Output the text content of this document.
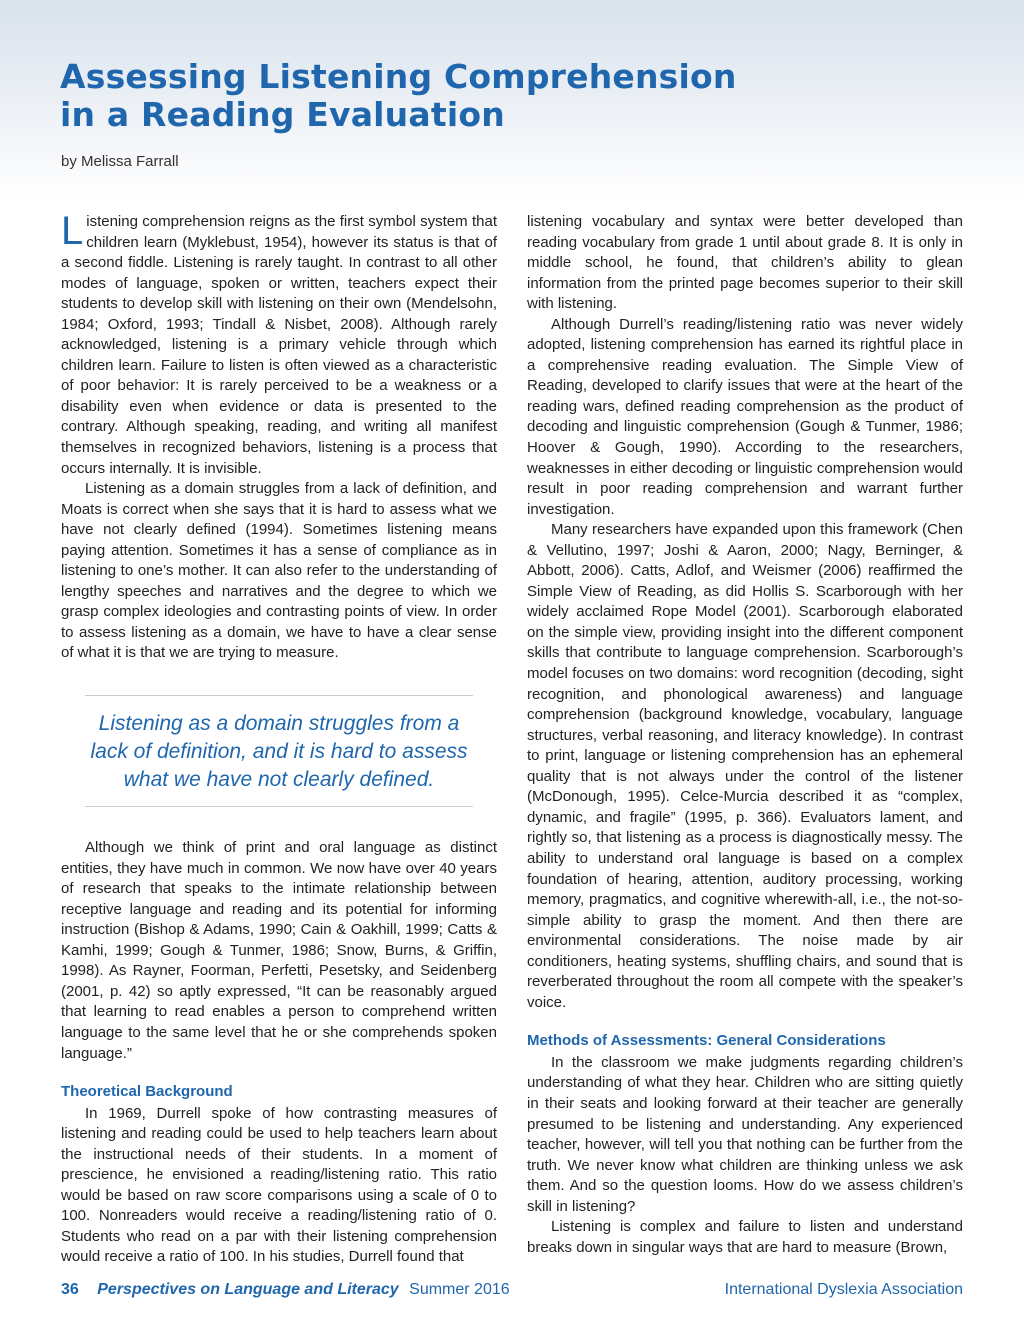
Assessing Listening Comprehension
in a Reading Evaluation
by Melissa Farrall

Listening comprehension reigns as the first symbol system that children learn (Myklebust, 1954), however its status is that of a second fiddle. Listening is rarely taught. In contrast to all other modes of language, spoken or written, teachers expect their students to develop skill with listening on their own (Mendelsohn, 1984; Oxford, 1993; Tindall & Nisbet, 2008). Although rarely acknowledged, listening is a primary vehicle through which children learn. Failure to listen is often viewed as a characteristic of poor behavior: It is rarely perceived to be a weakness or a disability even when evidence or data is presented to the contrary. Although speaking, reading, and writing all manifest themselves in recognized behaviors, listening is a process that occurs internally. It is invisible.

Listening as a domain struggles from a lack of definition, and Moats is correct when she says that it is hard to assess what we have not clearly defined (1994). Sometimes listening means paying attention. Sometimes it has a sense of compliance as in listening to one’s mother. It can also refer to the understanding of lengthy speeches and narratives and the degree to which we grasp complex ideologies and contrasting points of view. In order to assess listening as a domain, we have to have a clear sense of what it is that we are trying to measure.

Listening as a domain struggles from a lack of definition, and it is hard to assess what we have not clearly defined.

Although we think of print and oral language as distinct entities, they have much in common. We now have over 40 years of research that speaks to the intimate relationship between receptive language and reading and its potential for informing instruction (Bishop & Adams, 1990; Cain & Oakhill, 1999; Catts & Kamhi, 1999; Gough & Tunmer, 1986; Snow, Burns, & Griffin, 1998). As Rayner, Foorman, Perfetti, Pesetsky, and Seidenberg (2001, p. 42) so aptly expressed, “It can be reasonably argued that learning to read enables a person to comprehend written language to the same level that he or she comprehends spoken language.”

Theoretical Background

In 1969, Durrell spoke of how contrasting measures of listening and reading could be used to help teachers learn about the instructional needs of their students. In a moment of prescience, he envisioned a reading/listening ratio. This ratio would be based on raw score comparisons using a scale of 0 to 100. Nonreaders would receive a reading/listening ratio of 0. Students who read on a par with their listening comprehension would receive a ratio of 100. In his studies, Durrell found that

listening vocabulary and syntax were better developed than reading vocabulary from grade 1 until about grade 8. It is only in middle school, he found, that children’s ability to glean information from the printed page becomes superior to their skill with listening.

Although Durrell’s reading/listening ratio was never widely adopted, listening comprehension has earned its rightful place in a comprehensive reading evaluation. The Simple View of Reading, developed to clarify issues that were at the heart of the reading wars, defined reading comprehension as the product of decoding and linguistic comprehension (Gough & Tunmer, 1986; Hoover & Gough, 1990). According to the researchers, weaknesses in either decoding or linguistic comprehension would result in poor reading comprehension and warrant further investigation.

Many researchers have expanded upon this framework (Chen & Vellutino, 1997; Joshi & Aaron, 2000; Nagy, Berninger, & Abbott, 2006). Catts, Adlof, and Weismer (2006) reaffirmed the Simple View of Reading, as did Hollis S. Scarborough with her widely acclaimed Rope Model (2001). Scarborough elaborated on the simple view, providing insight into the different component skills that contribute to language comprehension. Scarborough’s model focuses on two domains: word recognition (decoding, sight recognition, and phonological awareness) and language comprehension (background knowledge, vocabulary, language structures, verbal reasoning, and literacy knowledge). In contrast to print, language or listening comprehension has an ephemeral quality that is not always under the control of the listener (McDonough, 1995). Celce-Murcia described it as “complex, dynamic, and fragile” (1995, p. 366). Evaluators lament, and rightly so, that listening as a process is diagnostically messy. The ability to understand oral language is based on a complex foundation of hearing, attention, auditory processing, working memory, pragmatics, and cognitive wherewith-all, i.e., the not-so-simple ability to grasp the moment. And then there are environmental considerations. The noise made by air conditioners, heating systems, shuffling chairs, and sound that is reverberated throughout the room all compete with the speaker’s voice.

Methods of Assessments: General Considerations

In the classroom we make judgments regarding children’s understanding of what they hear. Children who are sitting quietly in their seats and looking forward at their teacher are generally presumed to be listening and understanding. Any experienced teacher, however, will tell you that nothing can be further from the truth. We never know what children are thinking unless we ask them. And so the question looms. How do we assess children’s skill in listening?

Listening is complex and failure to listen and understand breaks down in singular ways that are hard to measure (Brown,

36 Perspectives on Language and Literacy Summer 2016	International Dyslexia Association
